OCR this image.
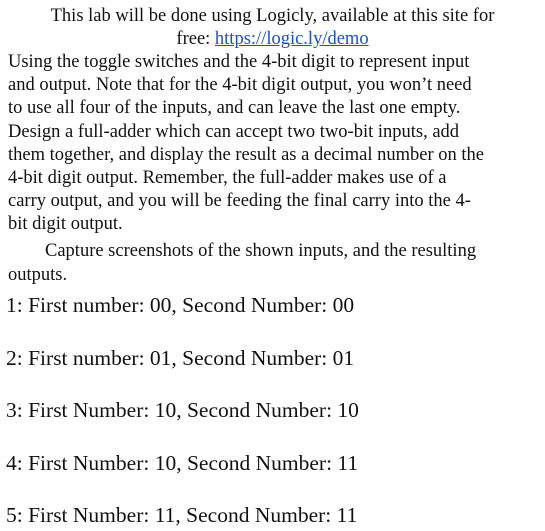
This lab will be done using Logicly, available at this site for
free: https://logic.ly/demo
Using the toggle switches and the 4-bit digit to represent input
and output. Note that for the 4-bit digit output, you won’t need
to use all four of the inputs, and can leave the last one empty.
Design a full-adder which can accept two two-bit inputs, add
them together, and display the result as a decimal number on the
4-bit digit output. Remember, the full-adder makes use of a
carry output, and you will be feeding the final carry into the 4-
bit digit output.
Capture screenshots of the shown inputs, and the resulting
outputs.
1: First number: 00, Second Number: 00
2: First number: 01, Second Number: 01
3: First Number: 10, Second Number: 10
4: First Number: 10, Second Number: 11
5: First Number: 11, Second Number: 11
